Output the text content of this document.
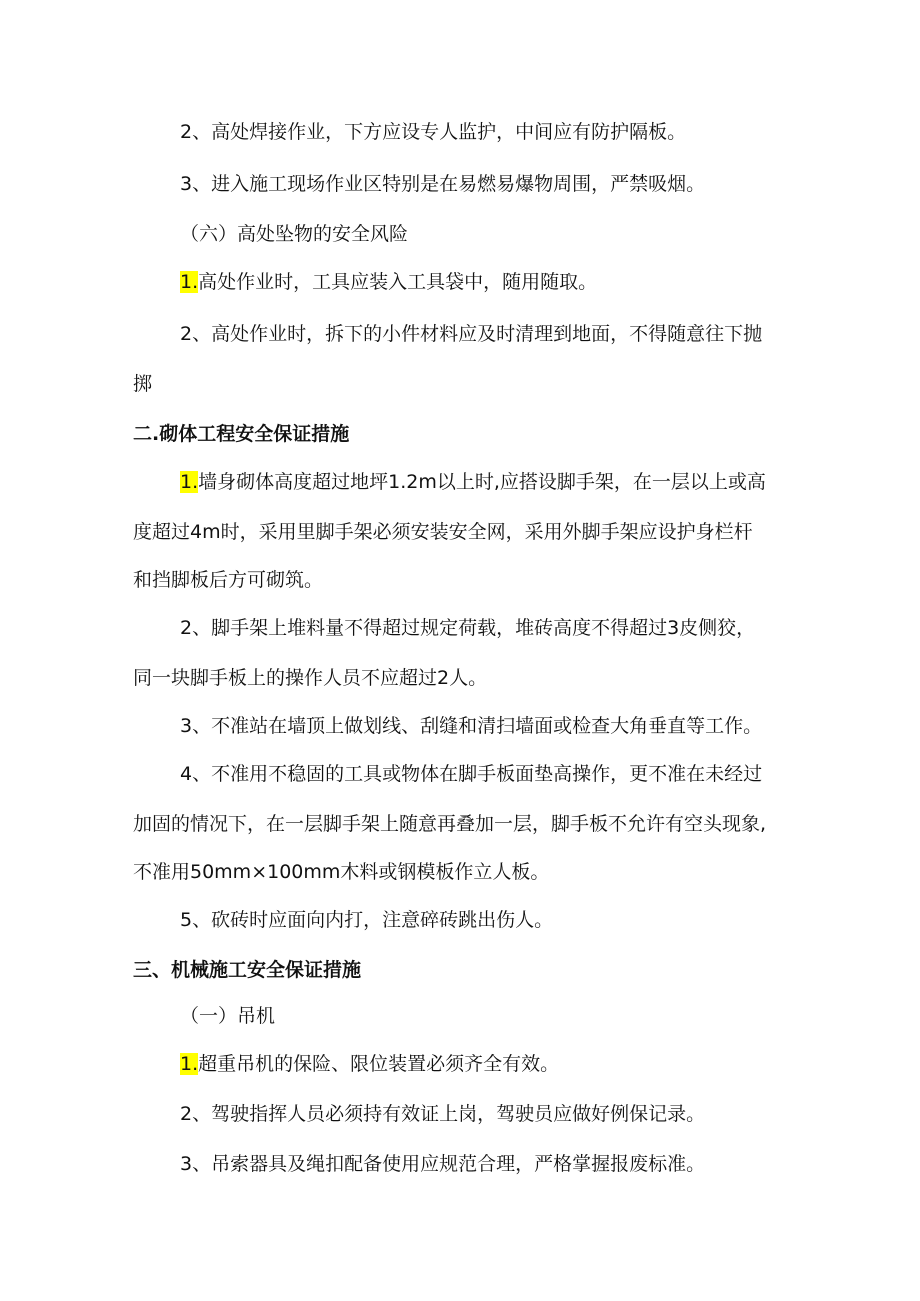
2、高处焊接作业，下方应设专人监护，中间应有防护隔板。
3、进入施工现场作业区特别是在易燃易爆物周围，严禁吸烟。
（六）高处坠物的安全风险
1.高处作业时，工具应装入工具袋中，随用随取。
2、高处作业时，拆下的小件材料应及时清理到地面，不得随意往下抛
掷
二.砌体工程安全保证措施
1.墙身砌体高度超过地坪1.2m以上时,应搭设脚手架，在一层以上或高
度超过4m时，采用里脚手架必须安装安全网，采用外脚手架应设护身栏杆
和挡脚板后方可砌筑。
2、脚手架上堆料量不得超过规定荷载，堆砖高度不得超过3皮侧狡，
同一块脚手板上的操作人员不应超过2人。
3、不准站在墙顶上做划线、刮缝和清扫墙面或检查大角垂直等工作。
4、不准用不稳固的工具或物体在脚手板面垫高操作，更不准在未经过
加固的情况下，在一层脚手架上随意再叠加一层，脚手板不允许有空头现象,
不准用50mm×100mm木料或钢模板作立人板。
5、砍砖时应面向内打，注意碎砖跳出伤人。
三、机械施工安全保证措施
（一）吊机
1.超重吊机的保险、限位装置必须齐全有效。
2、驾驶指挥人员必须持有效证上岗，驾驶员应做好例保记录。
3、吊索器具及绳扣配备使用应规范合理，严格掌握报废标准。
